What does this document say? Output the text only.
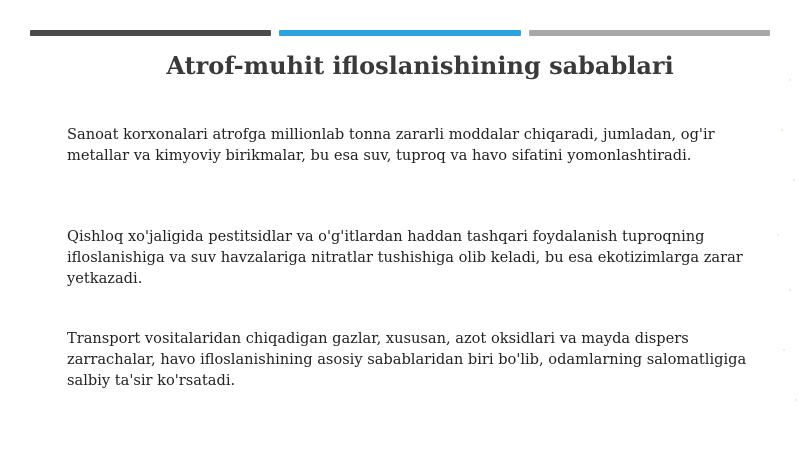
Atrof-muhit ifloslanishining sabablari

Sanoat korxonalari atrofga millionlab tonna zararli moddalar chiqaradi, jumladan, og'ir metallar va kimyoviy birikmalar, bu esa suv, tuproq va havo sifatini yomonlashtiradi.

Qishloq xo'jaligida pestitsidlar va o'g'itlardan haddan tashqari foydalanish tuproqning ifloslanishiga va suv havzalariga nitratlar tushishiga olib keladi, bu esa ekotizimlarga zarar yetkazadi.

Transport vositalaridan chiqadigan gazlar, xususan, azot oksidlari va mayda dispers zarrachalar, havo ifloslanishining asosiy sabablaridan biri bo'lib, odamlarning salomatligiga salbiy ta'sir ko'rsatadi.
